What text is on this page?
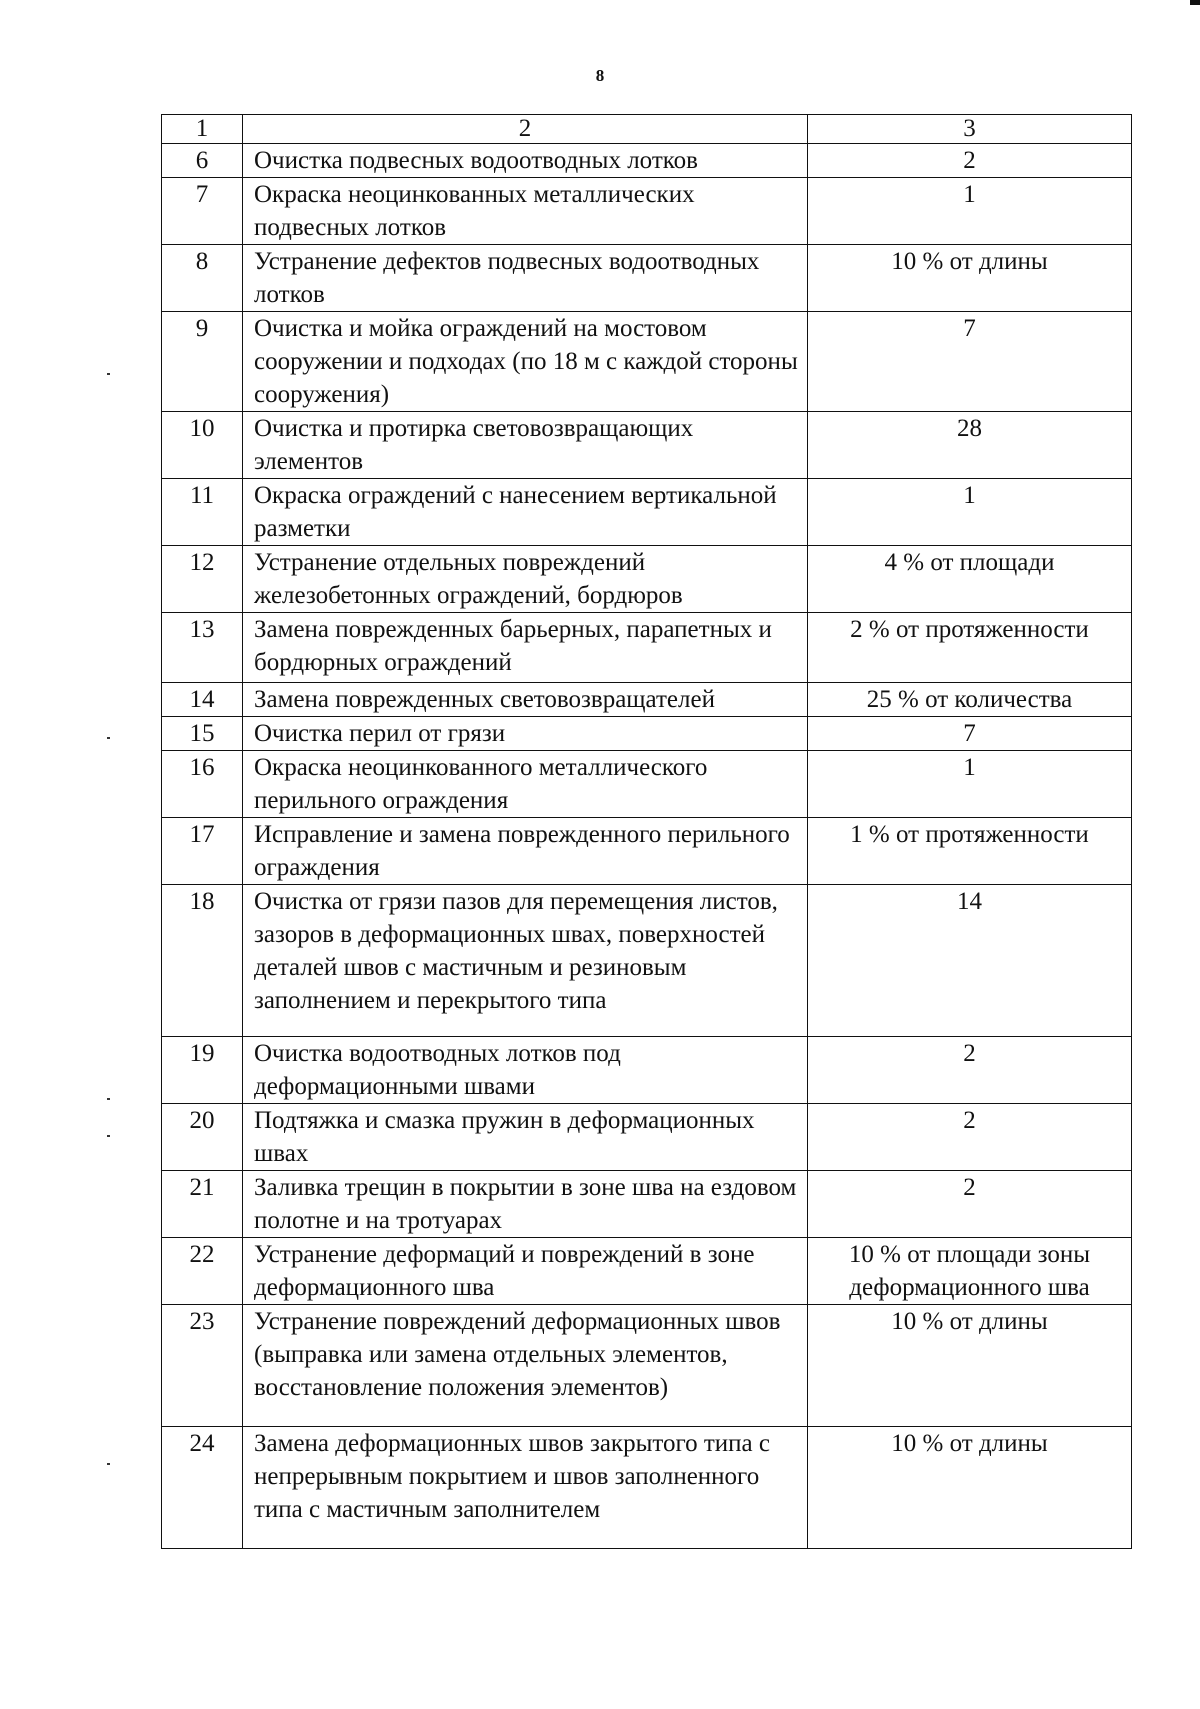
8
1	2	3
6	Очистка подвесных водоотводных лотков	2
7	Окраска неоцинкованных металлических подвесных лотков	1
8	Устранение дефектов подвесных водоотводных лотков	10 % от длины
9	Очистка и мойка ограждений на мостовом сооружении и подходах (по 18 м с каждой стороны сооружения)	7
10	Очистка и протирка световозвращающих элементов	28
11	Окраска ограждений с нанесением вертикальной разметки	1
12	Устранение отдельных повреждений железобетонных ограждений, бордюров	4 % от площади
13	Замена поврежденных барьерных, парапетных и бордюрных ограждений	2 % от протяженности
14	Замена поврежденных световозвращателей	25 % от количества
15	Очистка перил от грязи	7
16	Окраска неоцинкованного металлического перильного ограждения	1
17	Исправление и замена поврежденного перильного ограждения	1 % от протяженности
18	Очистка от грязи пазов для перемещения листов, зазоров в деформационных швах, поверхностей деталей швов с мастичным и резиновым заполнением и перекрытого типа	14
19	Очистка водоотводных лотков под деформационными швами	2
20	Подтяжка и смазка пружин в деформационных швах	2
21	Заливка трещин в покрытии в зоне шва на ездовом полотне и на тротуарах	2
22	Устранение деформаций и повреждений в зоне деформационного шва	10 % от площади зоны деформационного шва
23	Устранение повреждений деформационных швов (выправка или замена отдельных элементов, восстановление положения элементов)	10 % от длины
24	Замена деформационных швов закрытого типа с непрерывным покрытием и швов заполненного типа с мастичным заполнителем	10 % от длины
